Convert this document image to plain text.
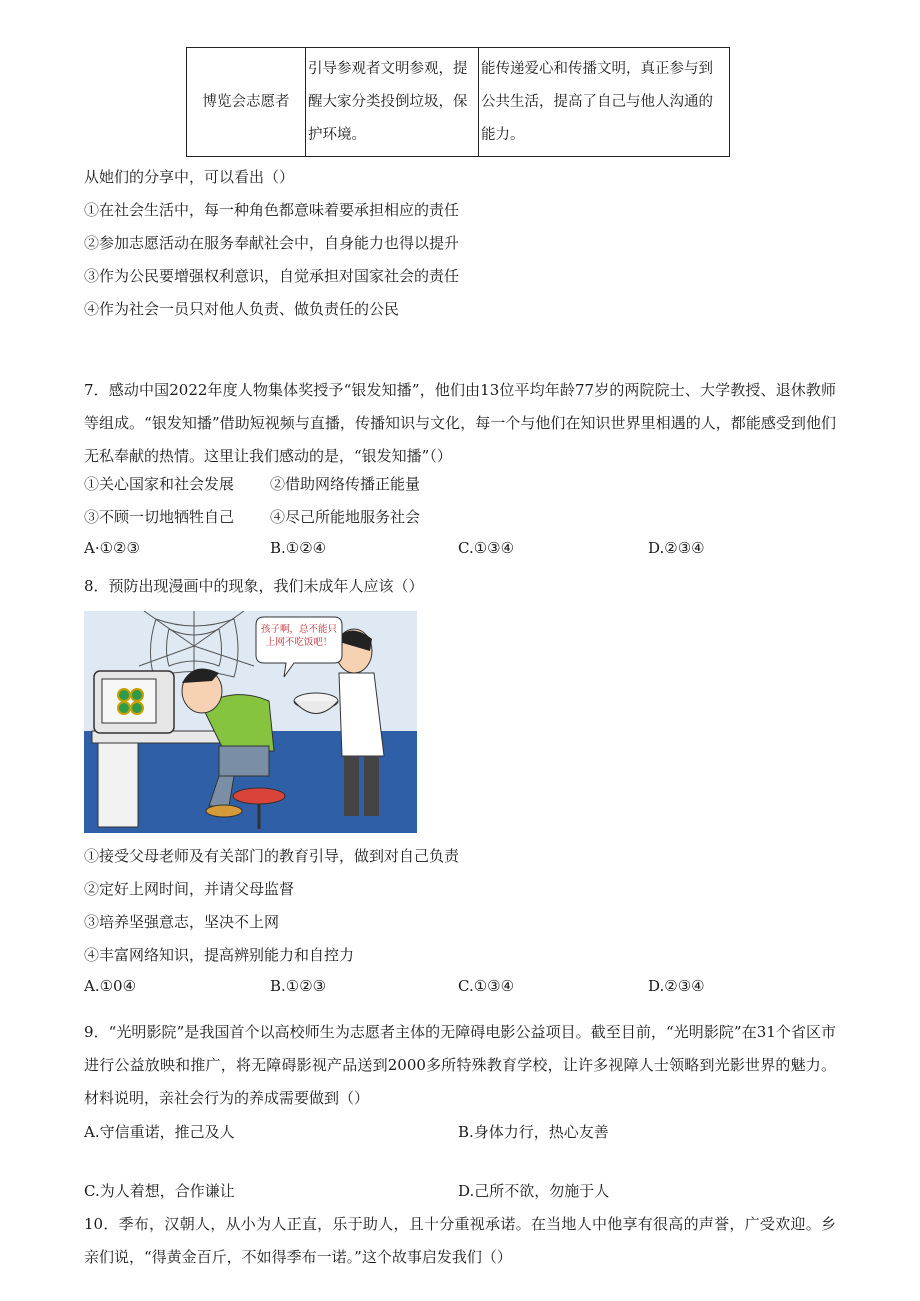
博览会志愿者	引导参观者文明参观，提醒大家分类投倒垃圾，保护环境。	能传递爱心和传播文明，真正参与到公共生活，提高了自己与他人沟通的能力。
从她们的分享中，可以看出（）
①在社会生活中，每一种角色都意味着要承担相应的责任
②参加志愿活动在服务奉献社会中，自身能力也得以提升
③作为公民要增强权利意识，自觉承担对国家社会的责任
④作为社会一员只对他人负责、做负责任的公民
7．感动中国2022年度人物集体奖授予“银发知播”，他们由13位平均年龄77岁的两院院士、大学教授、退休教师等组成。“银发知播”借助短视频与直播，传播知识与文化，每一个与他们在知识世界里相遇的人，都能感受到他们无私奉献的热情。这里让我们感动的是，“银发知播”（）
①关心国家和社会发展 ②借助网络传播正能量
③不顾一切地牺牲自己 ④尽己所能地服务社会
A·①②③	B.①②④	C.①③④	D.②③④
8．预防出现漫画中的现象，我们未成年人应该（）
孩子啊，总不能只上网不吃饭吧！
①接受父母老师及有关部门的教育引导，做到对自己负责
②定好上网时间，并请父母监督
③培养坚强意志，坚决不上网
④丰富网络知识，提高辨别能力和自控力
A.①0④	B.①②③	C.①③④	D.②③④
9．“光明影院”是我国首个以高校师生为志愿者主体的无障碍电影公益项目。截至目前，“光明影院”在31个省区市进行公益放映和推广，将无障碍影视产品送到2000多所特殊教育学校，让许多视障人士领略到光影世界的魅力。材料说明，亲社会行为的养成需要做到（）
A.守信重诺，推己及人	B.身体力行，热心友善
C.为人着想，合作谦让	D.己所不欲，勿施于人
10．季布，汉朝人，从小为人正直，乐于助人，且十分重视承诺。在当地人中他享有很高的声誉，广受欢迎。乡亲们说，“得黄金百斤，不如得季布一诺。”这个故事启发我们（）
